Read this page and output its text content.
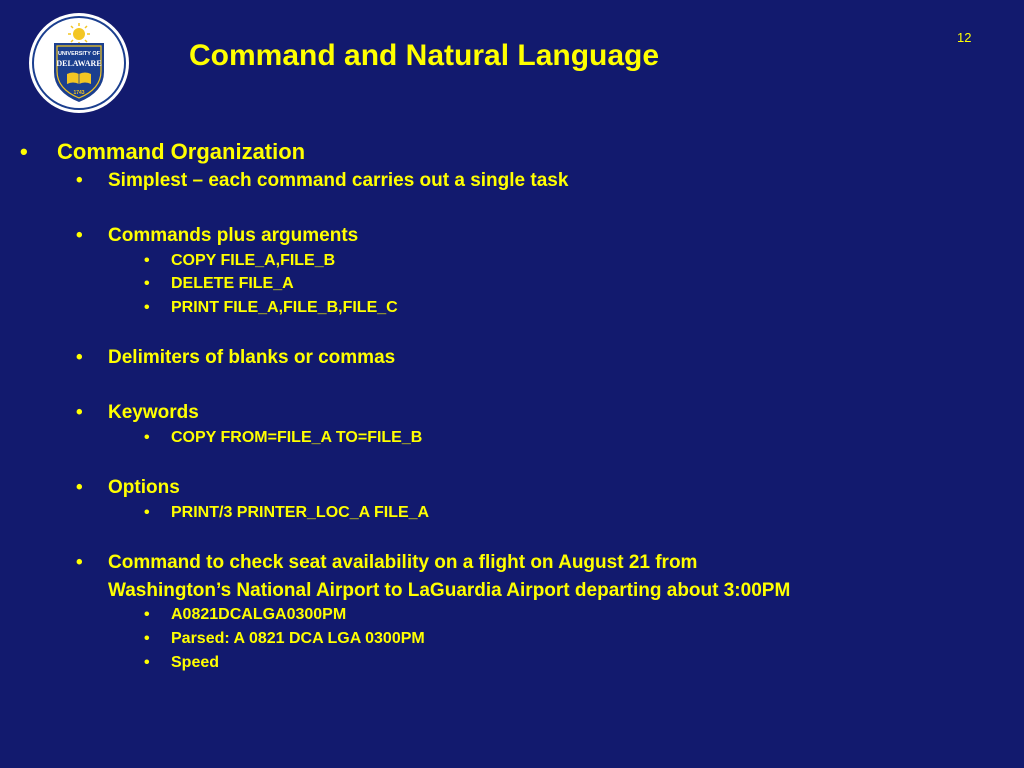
UNIVERSITY OF
DELAWARE
1743
Command and Natural Language
12
• Command Organization
• Simplest – each command carries out a single task
• Commands plus arguments
• COPY FILE_A,FILE_B
• DELETE FILE_A
• PRINT FILE_A,FILE_B,FILE_C
• Delimiters of blanks or commas
• Keywords
• COPY FROM=FILE_A TO=FILE_B
• Options
• PRINT/3 PRINTER_LOC_A FILE_A
• Command to check seat availability on a flight on August 21 from
Washington’s National Airport to LaGuardia Airport departing about 3:00PM
• A0821DCALGA0300PM
• Parsed: A 0821 DCA LGA 0300PM
• Speed
